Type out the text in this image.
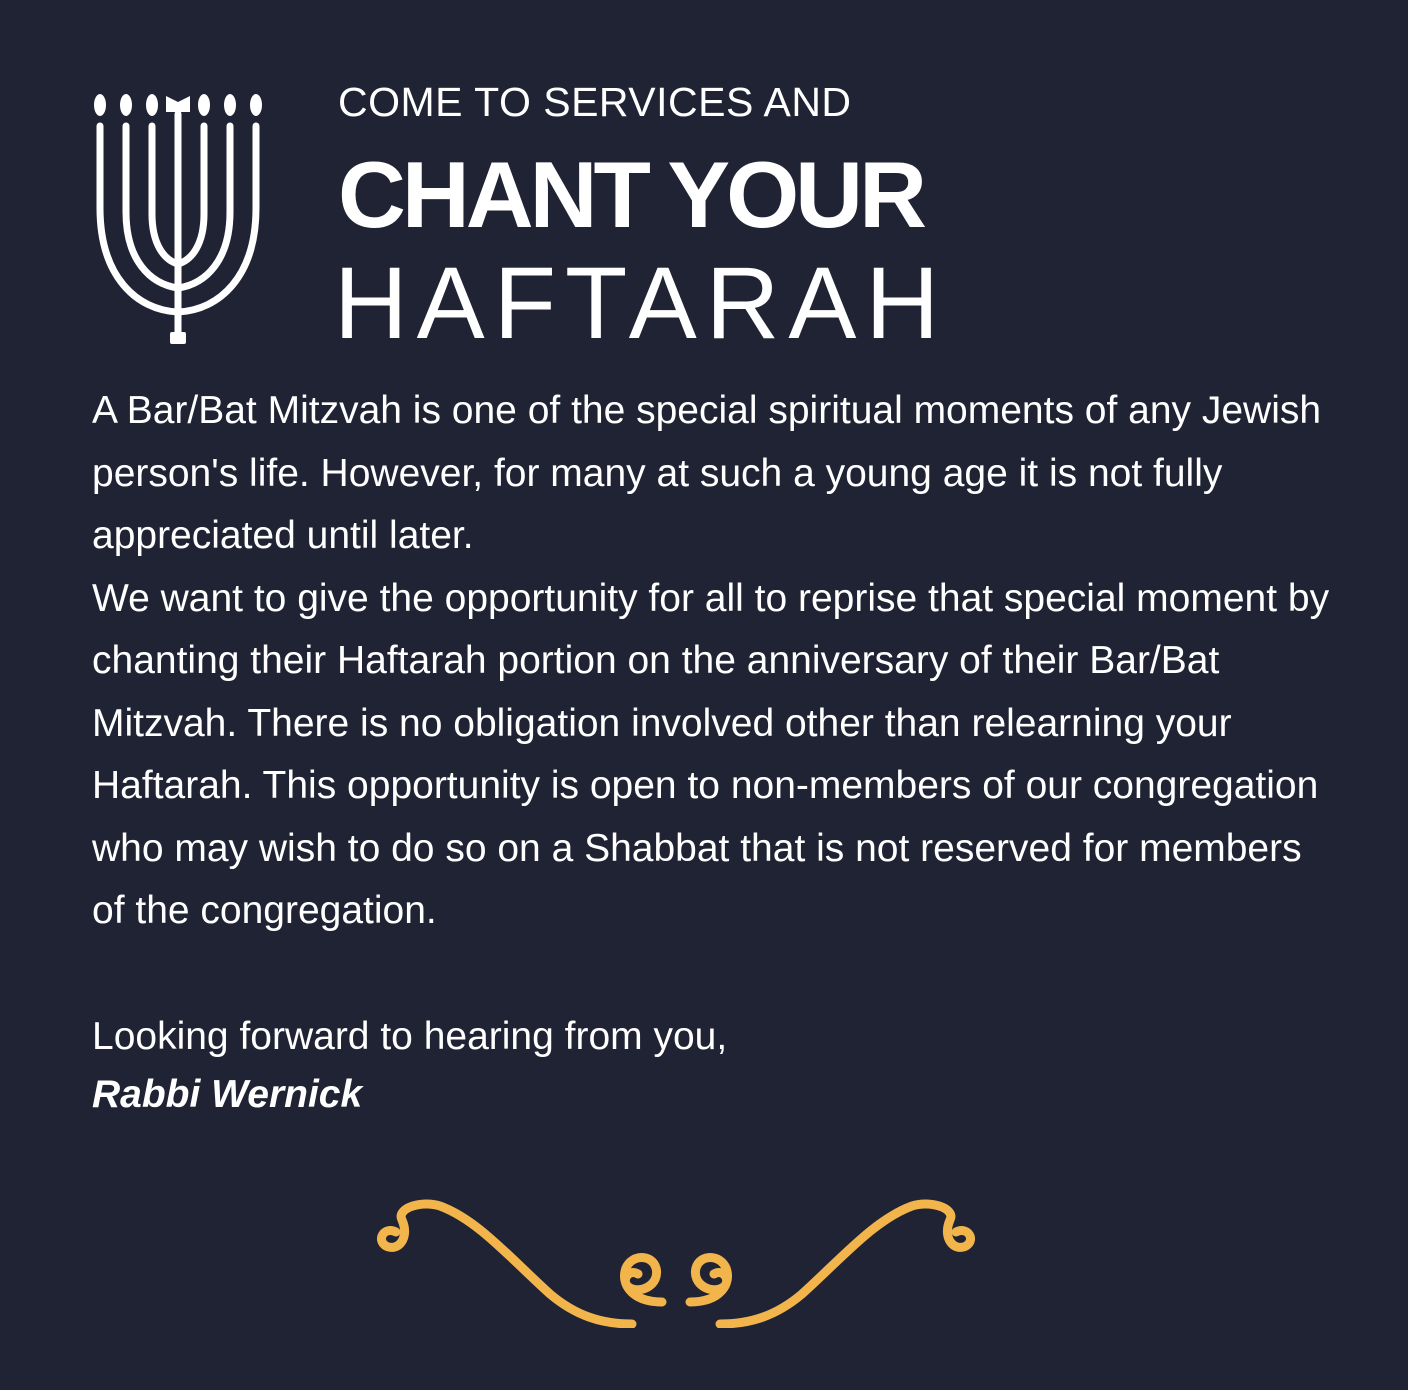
COME TO SERVICES AND

CHANT YOUR
HAFTARAH

A Bar/Bat Mitzvah is one of the special spiritual moments of any Jewish person's life. However, for many at such a young age it is not fully appreciated until later.

We want to give the opportunity for all to reprise that special moment by chanting their Haftarah portion on the anniversary of their Bar/Bat Mitzvah. There is no obligation involved other than relearning your Haftarah. This opportunity is open to non-members of our congregation who may wish to do so on a Shabbat that is not reserved for members of the congregation.

Looking forward to hearing from you,

Rabbi Wernick
